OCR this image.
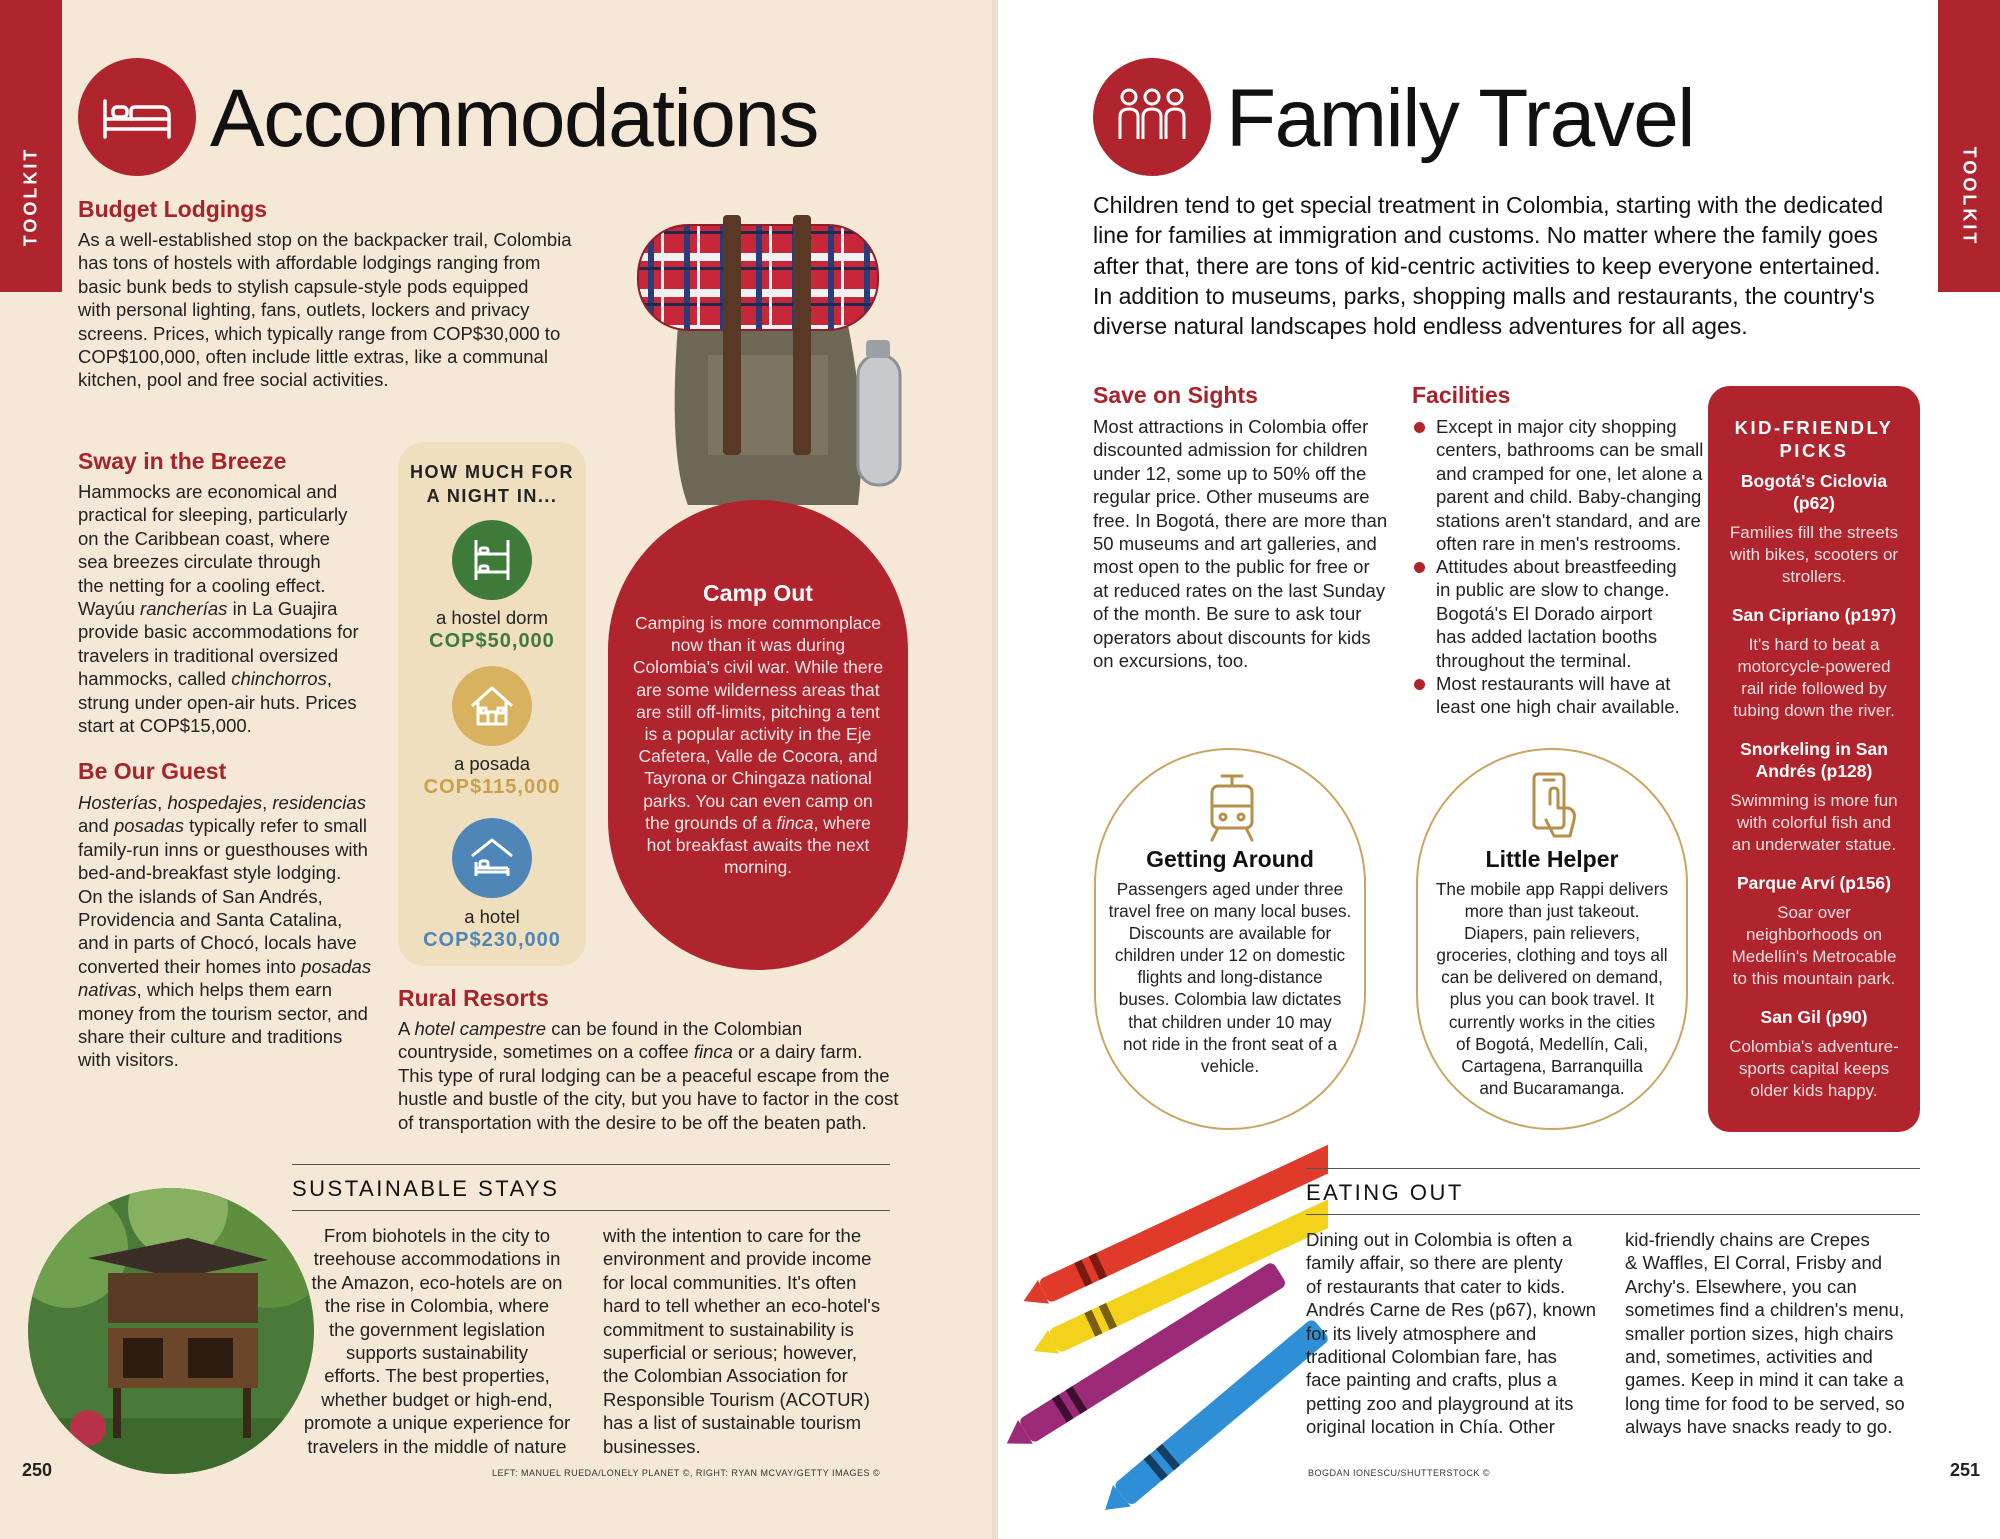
TOOLKIT
Accommodations
Budget Lodgings
As a well-established stop on the backpacker trail, Colombia
has tons of hostels with affordable lodgings ranging from
basic bunk beds to stylish capsule-style pods equipped
with personal lighting, fans, outlets, lockers and privacy
screens. Prices, which typically range from COP$30,000 to
COP$100,000, often include little extras, like a communal
kitchen, pool and free social activities.
Sway in the Breeze
Hammocks are economical and
practical for sleeping, particularly
on the Caribbean coast, where
sea breezes circulate through
the netting for a cooling effect.
Wayúu rancherías in La Guajira
provide basic accommodations for
travelers in traditional oversized
hammocks, called chinchorros,
strung under open-air huts. Prices
start at COP$15,000.
Be Our Guest
Hosterías, hospedajes, residencias
and posadas typically refer to small
family-run inns or guesthouses with
bed-and-breakfast style lodging.
On the islands of San Andrés,
Providencia and Santa Catalina,
and in parts of Chocó, locals have
converted their homes into posadas
nativas, which helps them earn
money from the tourism sector, and
share their culture and traditions
with visitors.
HOW MUCH FOR
A NIGHT IN...
a hostel dorm
COP$50,000
a posada
COP$115,000
a hotel
COP$230,000
Camp Out
Camping is more commonplace
now than it was during
Colombia's civil war. While there
are some wilderness areas that
are still off-limits, pitching a tent
is a popular activity in the Eje
Cafetera, Valle de Cocora, and
Tayrona or Chingaza national
parks. You can even camp on
the grounds of a finca, where
hot breakfast awaits the next
morning.
Rural Resorts
A hotel campestre can be found in the Colombian
countryside, sometimes on a coffee finca or a dairy farm.
This type of rural lodging can be a peaceful escape from the
hustle and bustle of the city, but you have to factor in the cost
of transportation with the desire to be off the beaten path.
SUSTAINABLE STAYS
From biohotels in the city to
treehouse accommodations in
the Amazon, eco-hotels are on
the rise in Colombia, where
the government legislation
supports sustainability
efforts. The best properties,
whether budget or high-end,
promote a unique experience for
travelers in the middle of nature
with the intention to care for the
environment and provide income
for local communities. It's often
hard to tell whether an eco-hotel's
commitment to sustainability is
superficial or serious; however,
the Colombian Association for
Responsible Tourism (ACOTUR)
has a list of sustainable tourism
businesses.
250	LEFT: MANUEL RUEDA/LONELY PLANET ©, RIGHT: RYAN MCVAY/GETTY IMAGES ©
TOOLKIT
Family Travel
Children tend to get special treatment in Colombia, starting with the dedicated
line for families at immigration and customs. No matter where the family goes
after that, there are tons of kid-centric activities to keep everyone entertained.
In addition to museums, parks, shopping malls and restaurants, the country's
diverse natural landscapes hold endless adventures for all ages.
Save on Sights
Most attractions in Colombia offer
discounted admission for children
under 12, some up to 50% off the
regular price. Other museums are
free. In Bogotá, there are more than
50 museums and art galleries, and
most open to the public for free or
at reduced rates on the last Sunday
of the month. Be sure to ask tour
operators about discounts for kids
on excursions, too.
Facilities
Except in major city shopping
centers, bathrooms can be small
and cramped for one, let alone a
parent and child. Baby-changing
stations aren't standard, and are
often rare in men's restrooms.
Attitudes about breastfeeding
in public are slow to change.
Bogotá's El Dorado airport
has added lactation booths
throughout the terminal.
Most restaurants will have at
least one high chair available.
KID-FRIENDLY
PICKS
Bogotá's Ciclovia
(p62)
Families fill the streets
with bikes, scooters or
strollers.
San Cipriano (p197)
It's hard to beat a
motorcycle-powered
rail ride followed by
tubing down the river.
Snorkeling in San
Andrés (p128)
Swimming is more fun
with colorful fish and
an underwater statue.
Parque Arví (p156)
Soar over
neighborhoods on
Medellín's Metrocable
to this mountain park.
San Gil (p90)
Colombia's adventure-
sports capital keeps
older kids happy.
Getting Around
Passengers aged under three
travel free on many local buses.
Discounts are available for
children under 12 on domestic
flights and long-distance
buses. Colombia law dictates
that children under 10 may
not ride in the front seat of a
vehicle.
Little Helper
The mobile app Rappi delivers
more than just takeout.
Diapers, pain relievers,
groceries, clothing and toys all
can be delivered on demand,
plus you can book travel. It
currently works in the cities
of Bogotá, Medellín, Cali,
Cartagena, Barranquilla
and Bucaramanga.
EATING OUT
Dining out in Colombia is often a
family affair, so there are plenty
of restaurants that cater to kids.
Andrés Carne de Res (p67), known
for its lively atmosphere and
traditional Colombian fare, has
face painting and crafts, plus a
petting zoo and playground at its
original location in Chía. Other
kid-friendly chains are Crepes
& Waffles, El Corral, Frisby and
Archy's. Elsewhere, you can
sometimes find a children's menu,
smaller portion sizes, high chairs
and, sometimes, activities and
games. Keep in mind it can take a
long time for food to be served, so
always have snacks ready to go.
BOGDAN IONESCU/SHUTTERSTOCK ©	251
